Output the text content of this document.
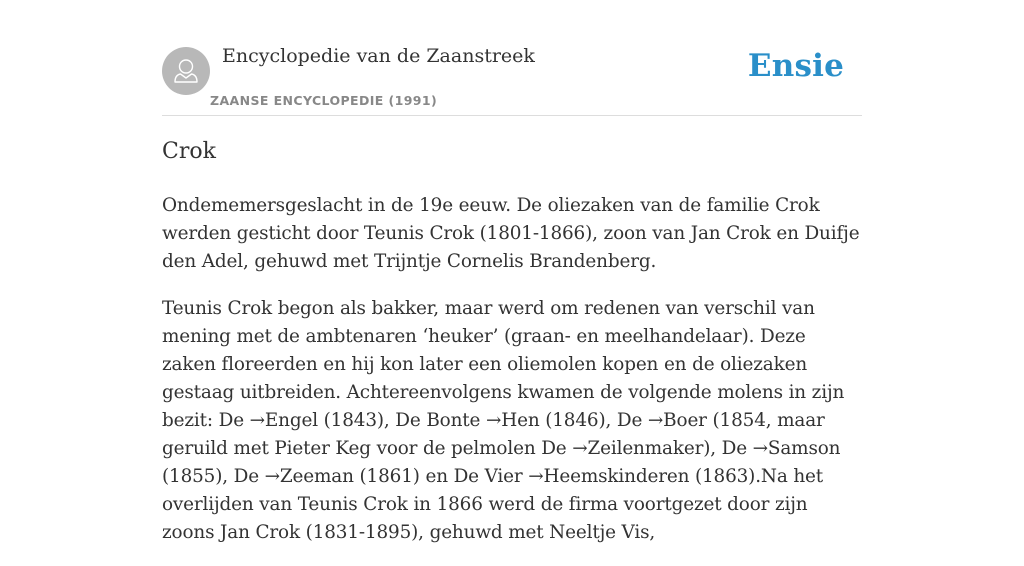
Encyclopedie van de Zaanstreek
ZAANSE ENCYCLOPEDIE (1991)
Ensie
Crok

Ondememersgeslacht in de 19e eeuw. De oliezaken van de familie Crok werden gesticht door Teunis Crok (1801-1866), zoon van Jan Crok en Duifje den Adel, gehuwd met Trijntje Cornelis Brandenberg.

Teunis Crok begon als bakker, maar werd om redenen van verschil van mening met de ambtenaren ‘heuker’ (graan- en meelhandelaar). Deze zaken floreerden en hij kon later een oliemolen kopen en de oliezaken gestaag uitbreiden. Achtereenvolgens kwamen de volgende molens in zijn bezit: De →Engel (1843), De Bonte →Hen (1846), De →Boer (1854, maar geruild met Pieter Keg voor de pelmolen De →Zeilenmaker), De →Samson (1855), De →Zeeman (1861) en De Vier →Heemskinderen (1863).Na het overlijden van Teunis Crok in 1866 werd de firma voortgezet door zijn zoons Jan Crok (1831-1895), gehuwd met Neeltje Vis,
